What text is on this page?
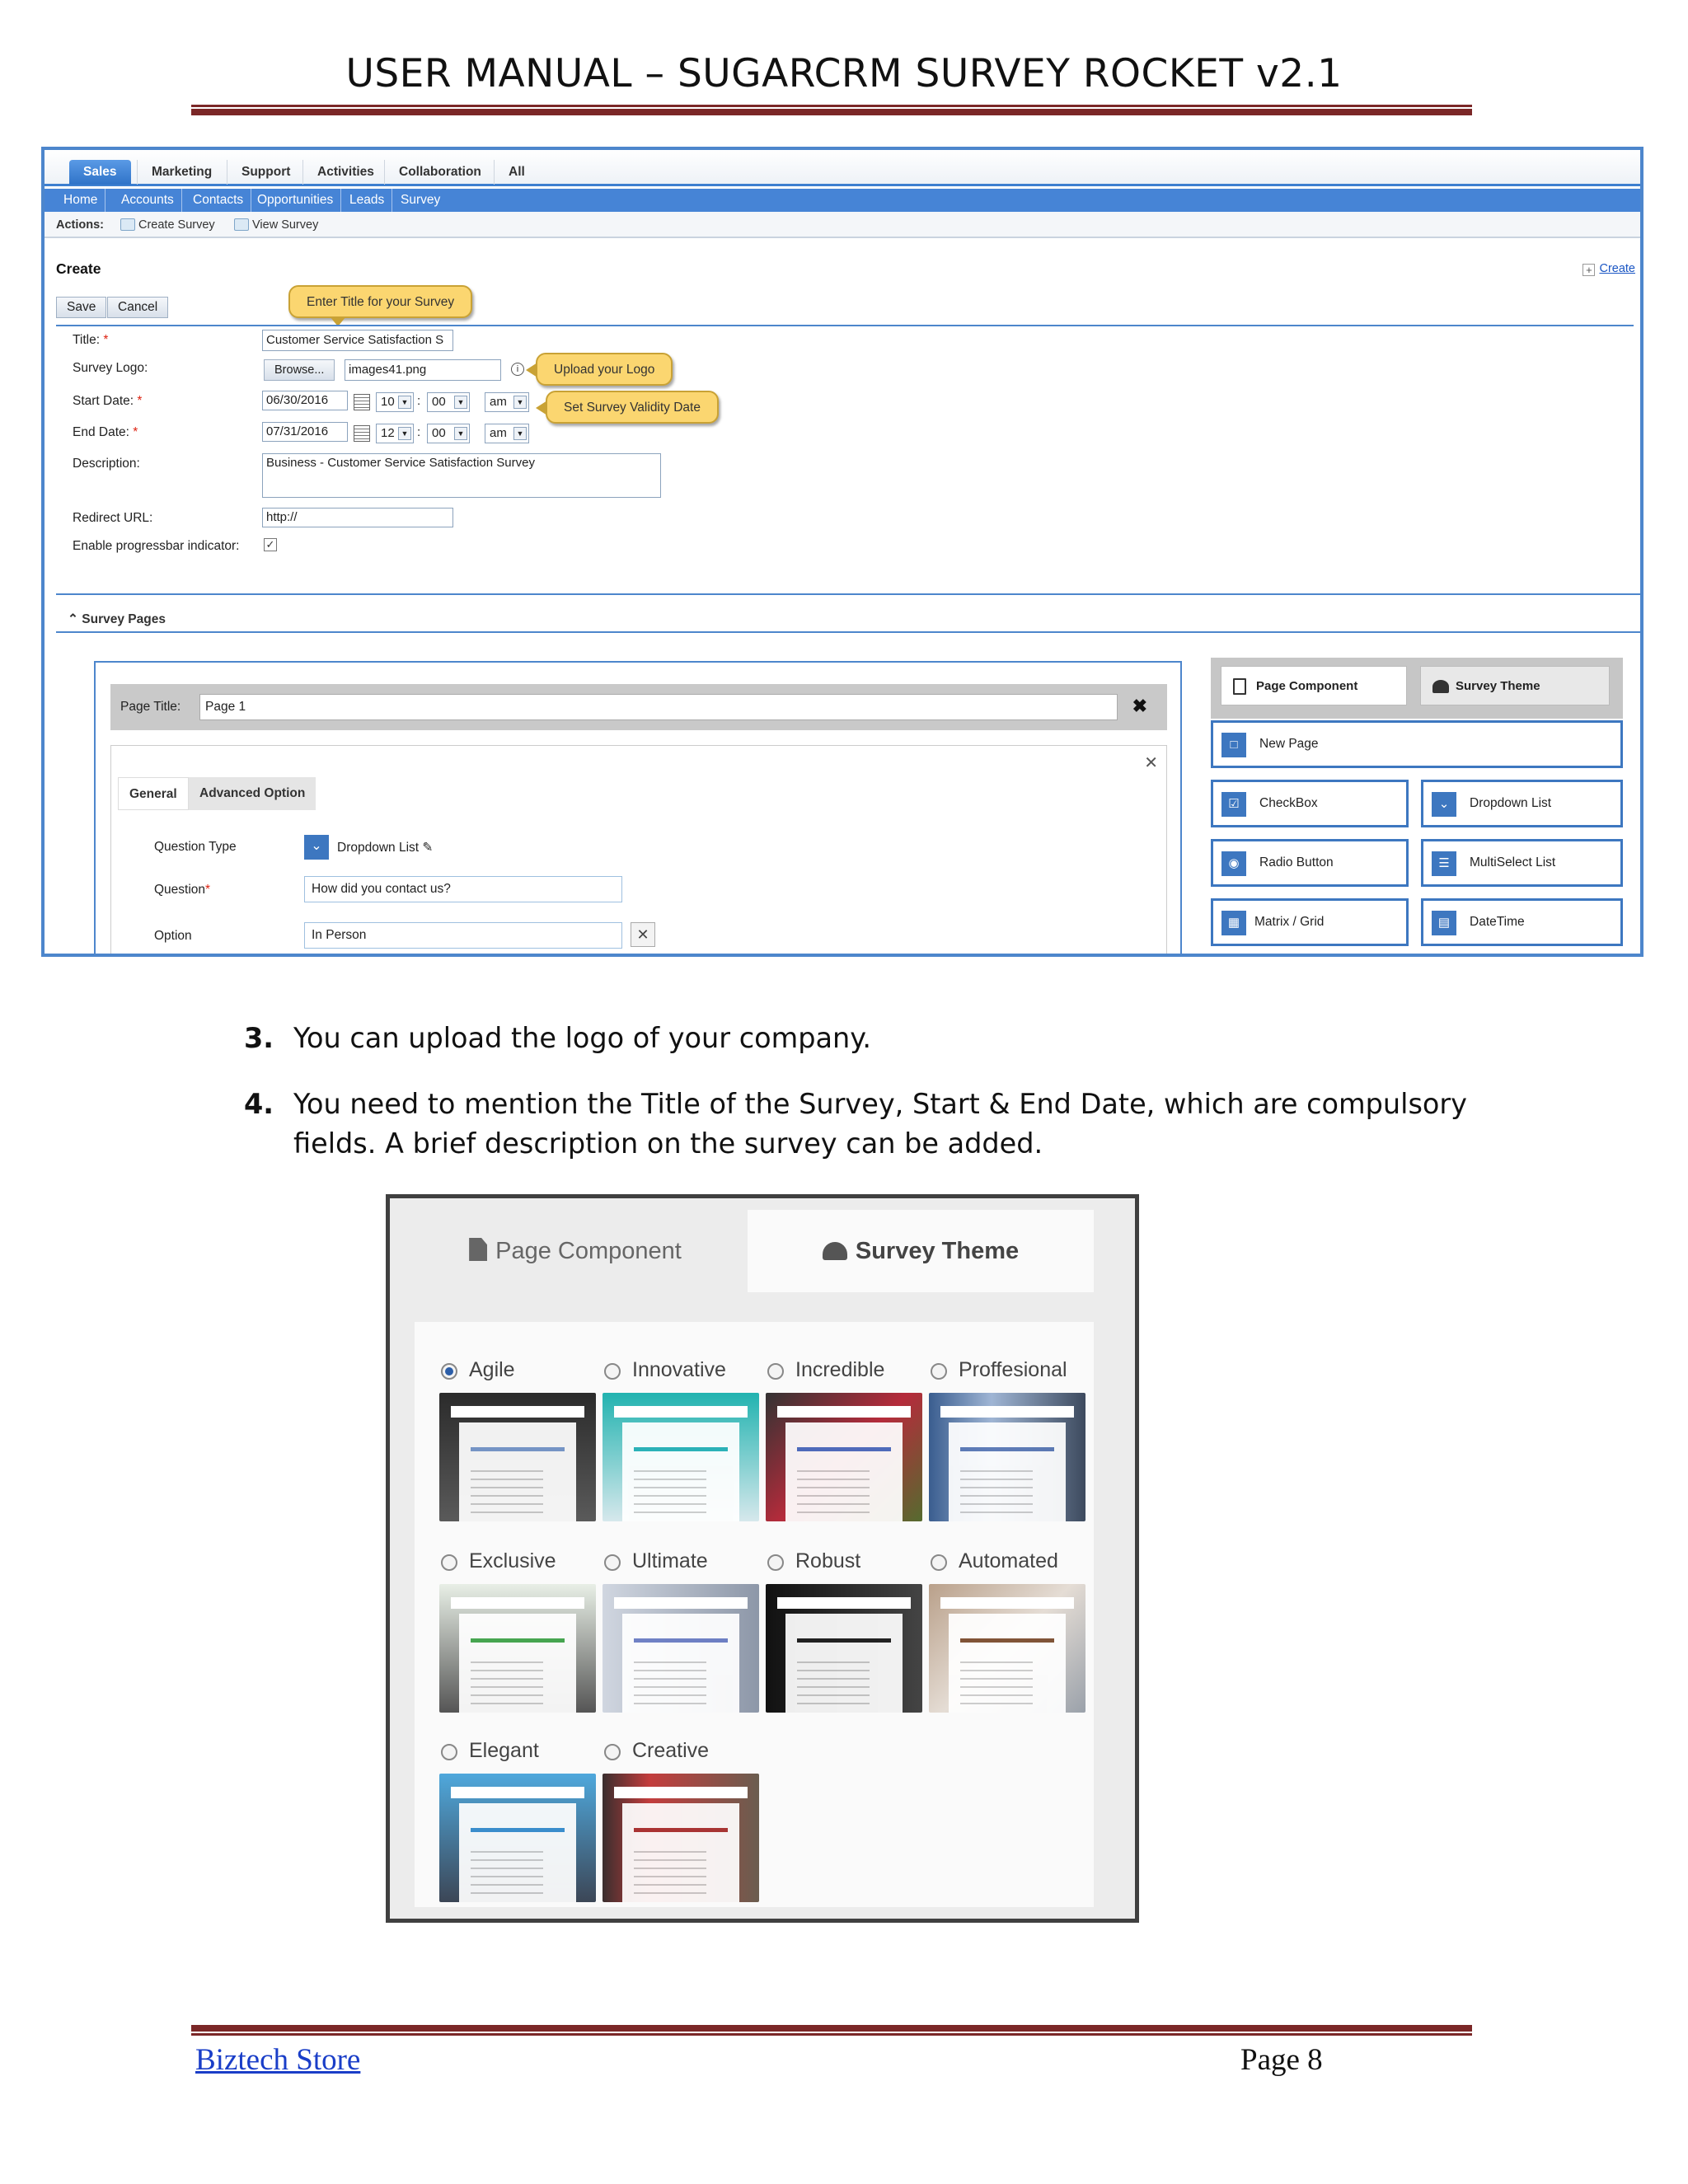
USER MANUAL – SUGARCRM SURVEY ROCKET v2.1
Sales	Marketing	Support	Activities	Collaboration	All
Home	Accounts	Contacts	Opportunities	Leads	Survey
Actions:	Create Survey	View Survey
Create	+ Create
Save	Cancel	Enter Title for your Survey
Title: *	Customer Service Satisfaction S
Survey Logo:	Browse...	images41.png	i	Upload your Logo
Start Date: *	06/30/2016	10 ▼ : 00	▼	am	▼	Set Survey Validity Date
End Date: *	07/31/2016	12 ▼ : 00	▼	am	▼
Description:	Business - Customer Service Satisfaction Survey
Redirect URL:	http://
Enable progressbar indicator: ✓
⌃ Survey Pages
Page Title:	Page 1	✖
✕
General	Advanced Option
Question Type	⌄	Dropdown List ✎
Question*	How did you contact us?
Option	In Person	✕
Page Component	Survey Theme
□	New Page
☑	CheckBox	⌄	Dropdown List
◉	Radio Button	☰	MultiSelect List
▦	Matrix / Grid	▤	DateTime
3. You can upload the logo of your company.
4. You need to mention the Title of the Survey, Start & End Date, which are compulsory
fields. A brief description on the survey can be added.
Page Component	Survey Theme
Agile	Innovative	Incredible	Proffesional
Exclusive	Ultimate	Robust	Automated
Elegant	Creative
Biztech Store	Page 8
